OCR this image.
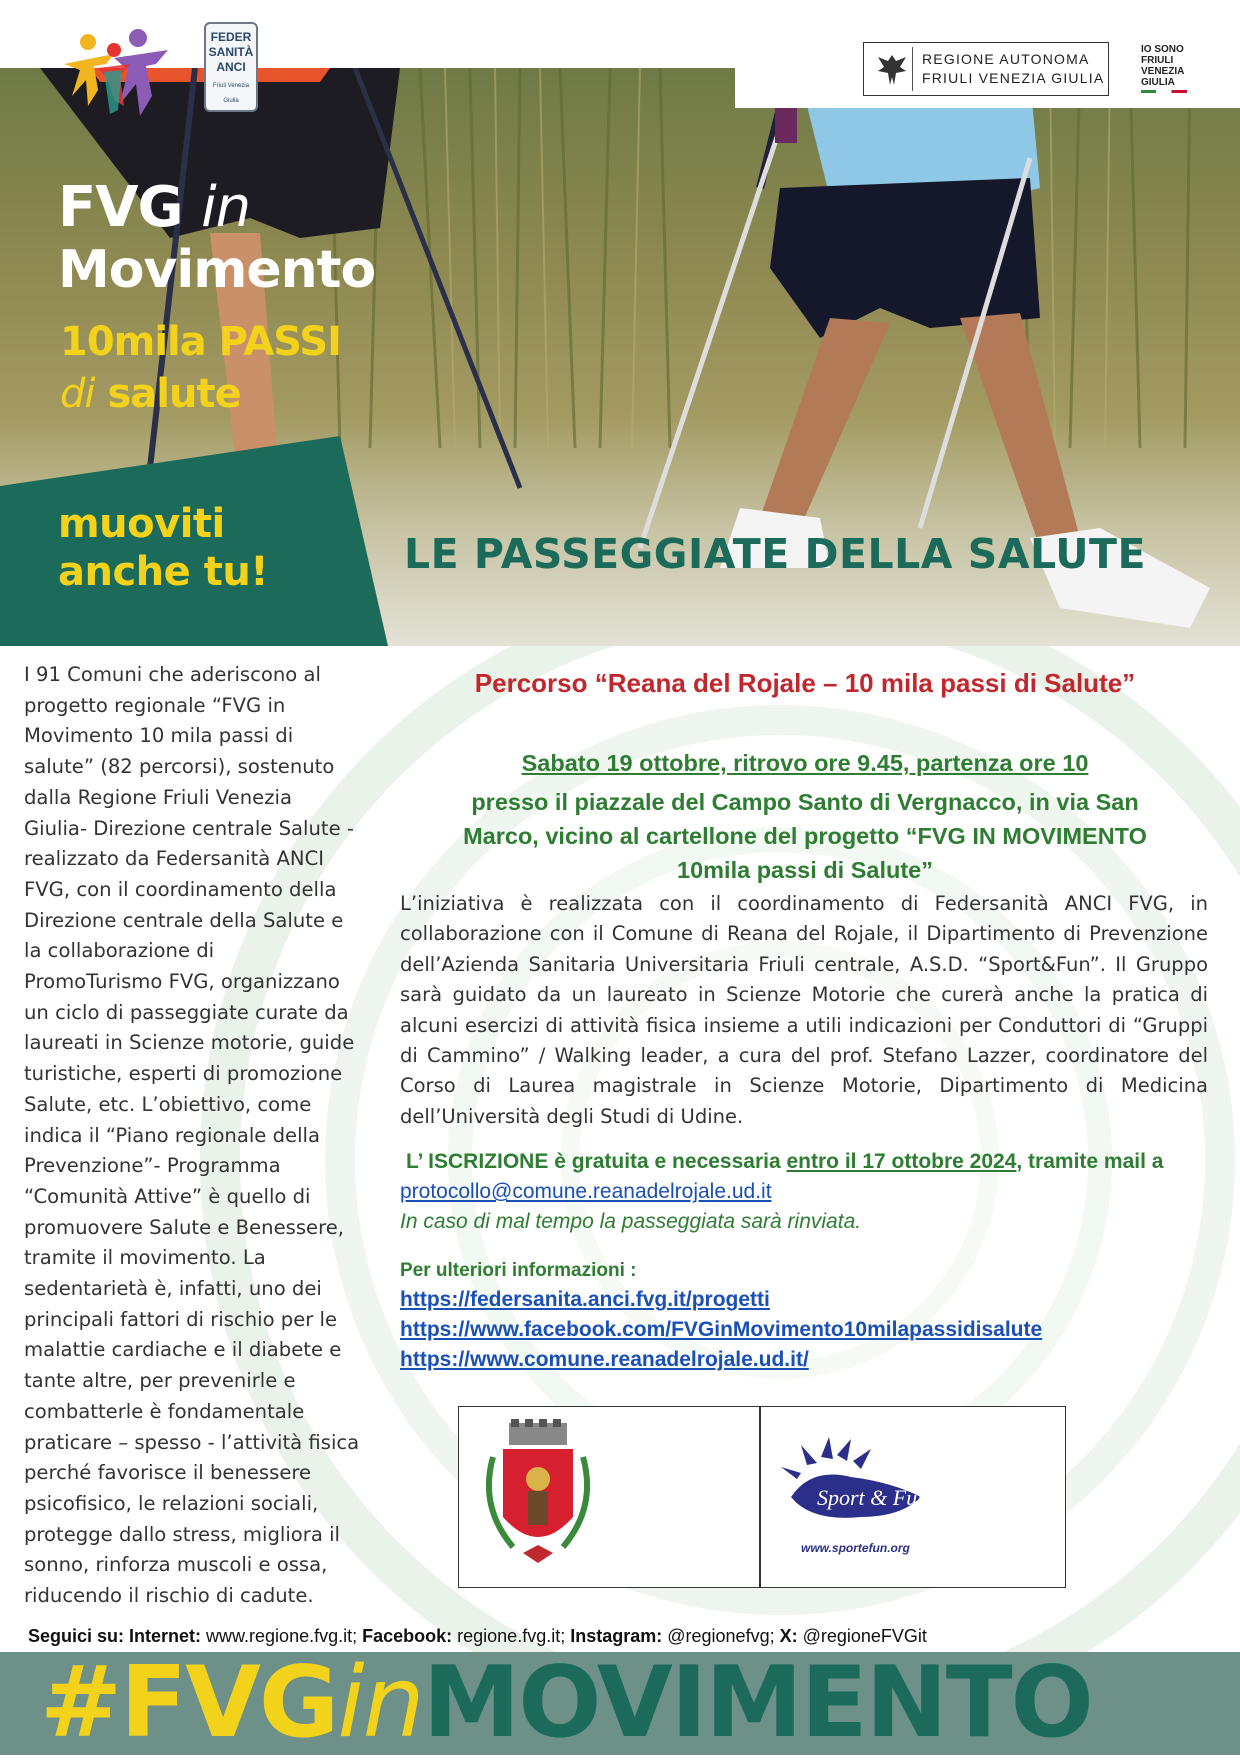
FEDER SANITÀ ANCI
Friuli Venezia Giulia
REGIONE AUTONOMA
FRIULI VENEZIA GIULIA
IO SONO
FRIULI
VENEZIA
GIULIA
FVG in
Movimento
10mila PASSI
di salute
muoviti
anche tu!	LE PASSEGGIATE DELLA SALUTE
I 91 Comuni che aderiscono al
progetto regionale “FVG in
Movimento 10 mila passi di
salute” (82 percorsi), sostenuto
dalla Regione Friuli Venezia
Giulia- Direzione centrale Salute -
realizzato da Federsanità ANCI
FVG, con il coordinamento della
Direzione centrale della Salute e
la collaborazione di
PromoTurismo FVG, organizzano
un ciclo di passeggiate curate da
laureati in Scienze motorie, guide
turistiche, esperti di promozione
Salute, etc. L’obiettivo, come
indica il “Piano regionale della
Prevenzione”- Programma
“Comunità Attive” è quello di
promuovere Salute e Benessere,
tramite il movimento. La
sedentarietà è, infatti, uno dei
principali fattori di rischio per le
malattie cardiache e il diabete e
tante altre, per prevenirle e
combatterle è fondamentale
praticare – spesso - l’attività fisica
perché favorisce il benessere
psicofisico, le relazioni sociali,
protegge dallo stress, migliora il
sonno, rinforza muscoli e ossa,
riducendo il rischio di cadute.
Percorso “Reana del Rojale – 10 mila passi di Salute”
Sabato 19 ottobre, ritrovo ore 9.45, partenza ore 10
presso il piazzale del Campo Santo di Vergnacco, in via San
Marco, vicino al cartellone del progetto “FVG IN MOVIMENTO
10mila passi di Salute”
L’iniziativa è realizzata con il coordinamento di Federsanità ANCI FVG, in collaborazione con il Comune di Reana del Rojale, il Dipartimento di Prevenzione dell’Azienda Sanitaria Universitaria Friuli centrale, A.S.D. “Sport&Fun”. Il Gruppo sarà guidato da un laureato in Scienze Motorie che curerà anche la pratica di alcuni esercizi di attività fisica insieme a utili indicazioni per Conduttori di “Gruppi di Cammino” / Walking leader, a cura del prof. Stefano Lazzer, coordinatore del Corso di Laurea magistrale in Scienze Motorie, Dipartimento di Medicina dell’Università degli Studi di Udine.
L’ ISCRIZIONE è gratuita e necessaria entro il 17 ottobre 2024, tramite mail a
protocollo@comune.reanadelrojale.ud.it
In caso di mal tempo la passeggiata sarà rinviata.
Per ulteriori informazioni :
https://federsanita.anci.fvg.it/progetti
https://www.facebook.com/FVGinMovimento10milapassidisalute
https://www.comune.reanadelrojale.ud.it/
Sport & Fun
www.sportefun.org
Seguici su: Internet: www.regione.fvg.it; Facebook: regione.fvg.it; Instagram: @regionefvg; X: @regioneFVGit
#FVGinMOVIMENTO
